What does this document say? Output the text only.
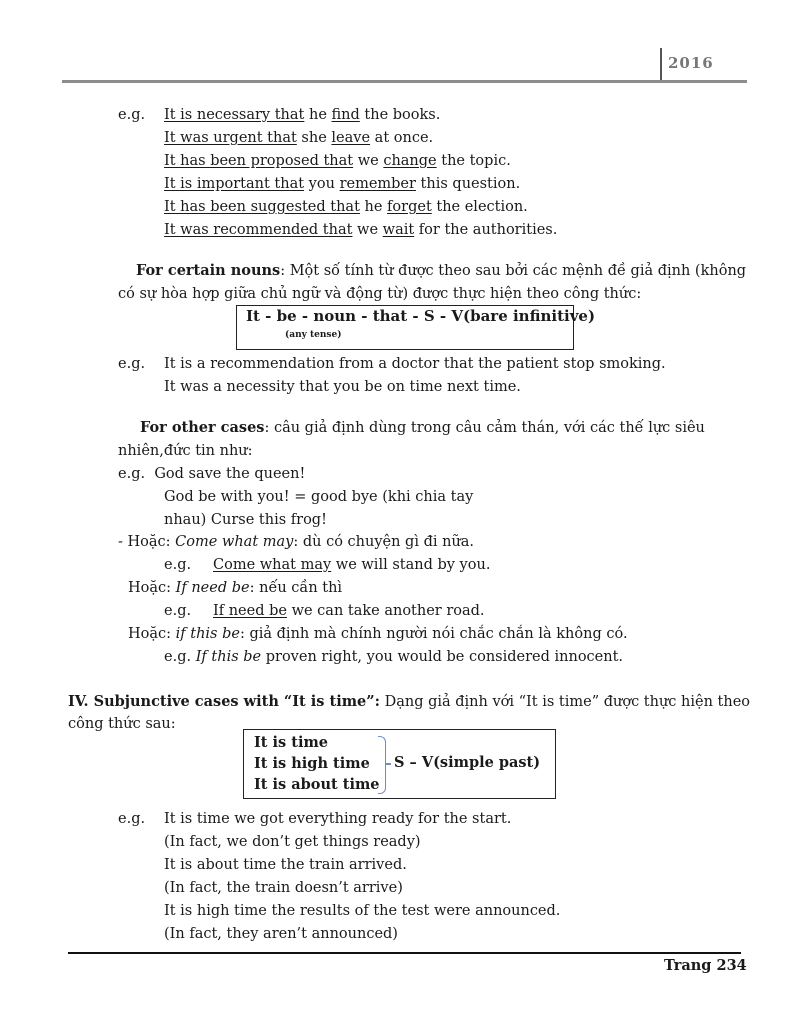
2016
e.g. It is necessary that he find the books.
It was urgent that she leave at once.
It has been proposed that we change the topic.
It is important that you remember this question.
It has been suggested that he forget the election.
It was recommended that we wait for the authorities.
For certain nouns: Một số tính từ được theo sau bởi các mệnh đề giả định (không
có sự hòa hợp giữa chủ ngữ và động từ) được thực hiện theo công thức:
It - be - noun - that - S - V(bare infinitive)
(any tense)
e.g. It is a recommendation from a doctor that the patient stop smoking.
It was a necessity that you be on time next time.
For other cases: câu giả định dùng trong câu cảm thán, với các thế lực siêu
nhiên,đức tin như:
e.g. God save the queen!
God be with you! = good bye (khi chia tay
nhau) Curse this frog!
- Hoặc: Come what may: dù có chuyện gì đi nữa.
e.g. Come what may we will stand by you.
Hoặc: If need be: nếu cần thì
e.g. If need be we can take another road.
Hoặc: if this be: giả định mà chính người nói chắc chắn là không có.
e.g. If this be proven right, you would be considered innocent.
IV. Subjunctive cases with “It is time”: Dạng giả định với “It is time” được thực hiện theo
công thức sau:
It is time
It is high time
It is about time
S – V(simple past)
e.g. It is time we got everything ready for the start.
(In fact, we don’t get things ready)
It is about time the train arrived.
(In fact, the train doesn’t arrive)
It is high time the results of the test were announced.
(In fact, they aren’t announced)
Trang 234
